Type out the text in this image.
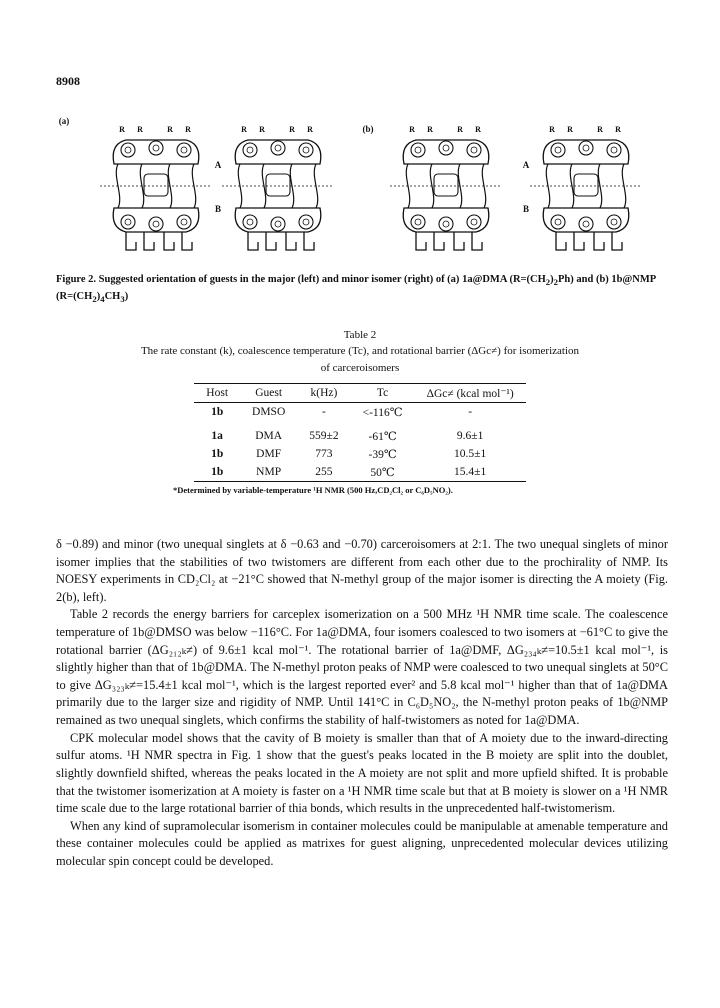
8908
R R	R R	R R	R R	R R	R R	R R	R R
A	A
B	B
(a)
(b)
Figure 2. Suggested orientation of guests in the major (left) and minor isomer (right) of (a) 1a@DMA $(R=(CH_2)_2Ph)$ and (b) 1b@NMP $(R=(CH_2)_4CH_3)$
Table 2
The rate constant (k), coalescence temperature (Tc), and rotational barrier (ΔGc≠) for isomerization
of carceroisomers
Host	Guest	k(Hz)	Tc	ΔGc≠ (kcal mol⁻¹)
1b	DMSO	-	<-116℃	-
1a	DMA	559±2	-61℃	9.6±1
1b	DMF	773	-39℃	10.5±1
1b	NMP	255	50℃	15.4±1
*Determined by variable-temperature ¹H NMR (500 Hz,CD₂Cl₂ or C₆D₅NO₂).

δ −0.89) and minor (two unequal singlets at δ −0.63 and −0.70) carceroisomers at 2:1. The two unequal singlets of minor isomer implies that the stabilities of two twistomers are different from each other due to the prochirality of NMP. Its NOESY experiments in CD₂Cl₂ at −21°C showed that N-methyl group of the major isomer is directing the A moiety (Fig. 2(b), left).

Table 2 records the energy barriers for carceplex isomerization on a 500 MHz ¹H NMR time scale. The coalescence temperature of 1b@DMSO was below −116°C. For 1a@DMA, four isomers coalesced to two isomers at −61°C to give the rotational barrier (ΔG₂₁₂ₖ≠) of 9.6±1 kcal mol⁻¹. The rotational barrier of 1a@DMF, ΔG₂₃₄ₖ≠=10.5±1 kcal mol⁻¹, is slightly higher than that of 1b@DMA. The N-methyl proton peaks of NMP were coalesced to two unequal singlets at 50°C to give ΔG₃₂₃ₖ≠=15.4±1 kcal mol⁻¹, which is the largest reported ever² and 5.8 kcal mol⁻¹ higher than that of 1a@DMA primarily due to the larger size and rigidity of NMP. Until 141°C in C₆D₅NO₂, the N-methyl proton peaks of 1b@NMP remained as two unequal singlets, which confirms the stability of half-twistomers as noted for 1a@DMA.

CPK molecular model shows that the cavity of B moiety is smaller than that of A moiety due to the inward-directing sulfur atoms. ¹H NMR spectra in Fig. 1 show that the guest's peaks located in the B moiety are split into the doublet, slightly downfield shifted, whereas the peaks located in the A moiety are not split and more upfield shifted. It is probable that the twistomer isomerization at A moiety is faster on a ¹H NMR time scale but that at B moiety is slower on a ¹H NMR time scale due to the large rotational barrier of thia bonds, which results in the unprecedented half-twistomerism.

When any kind of supramolecular isomerism in container molecules could be manipulable at amenable temperature and these container molecules could be applied as matrixes for guest aligning, unprecedented molecular devices utilizing molecular spin concept could be developed.
